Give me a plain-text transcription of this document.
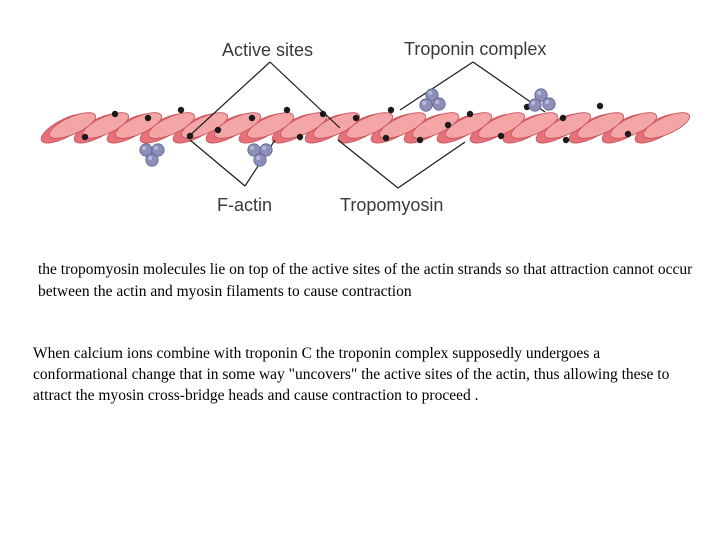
Active sites	Troponin complex
F-actin	Tropomyosin

the tropomyosin molecules lie on top of the active sites of the actin strands so that attraction cannot occur between the actin and myosin filaments to cause contraction

When calcium ions combine with troponin C the troponin complex supposedly undergoes a conformational change that in some way "uncovers" the active sites of the actin, thus allowing these to attract the myosin cross-bridge heads and cause contraction to proceed .
